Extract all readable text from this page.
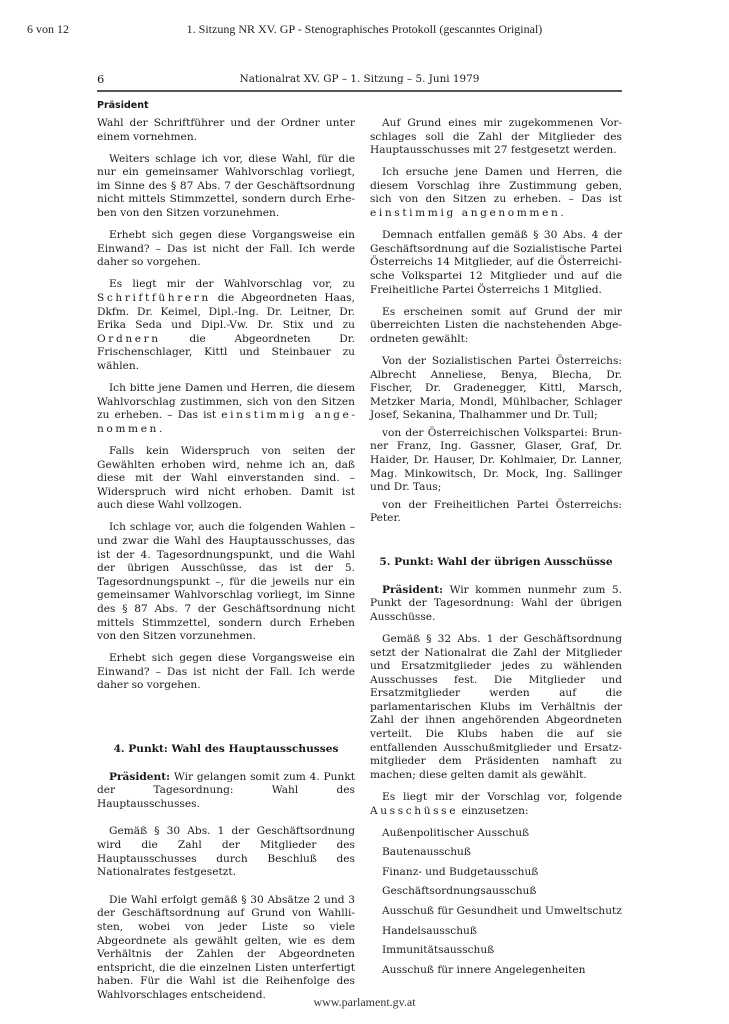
6 von 12	1. Sitzung NR XV. GP - Stenographisches Protokoll (gescanntes Original)
6	Nationalrat XV. GP – 1. Sitzung – 5. Juni 1979
Präsident

Wahl der Schriftführer und der Ordner unter einem vornehmen.

Weiters schlage ich vor, diese Wahl, für die nur ein gemeinsamer Wahlvorschlag vorliegt, im Sinne des § 87 Abs. 7 der Geschäftsordnung nicht mittels Stimmzettel, sondern durch Erheben von den Sitzen vorzunehmen.

Erhebt sich gegen diese Vorgangsweise ein Einwand? – Das ist nicht der Fall. Ich werde daher so vorgehen.

Es liegt mir der Wahlvorschlag vor, zu Schriftführern die Abgeordneten Haas, Dkfm. Dr. Keimel, Dipl.-Ing. Dr. Leitner, Dr. Erika Seda und Dipl.-Vw. Dr. Stix und zu Ordnern die Abgeordneten Dr. Frischenschlager, Kittl und Steinbauer zu wählen.

Ich bitte jene Damen und Herren, die diesem Wahlvorschlag zustimmen, sich von den Sitzen zu erheben. – Das ist einstimmig angenommen.

Falls kein Widerspruch von seiten der Gewählten erhoben wird, nehme ich an, daß diese mit der Wahl einverstanden sind. – Widerspruch wird nicht erhoben. Damit ist auch diese Wahl vollzogen.

Ich schlage vor, auch die folgenden Wahlen – und zwar die Wahl des Hauptausschusses, das ist der 4. Tagesordnungspunkt, und die Wahl der übrigen Ausschüsse, das ist der 5. Tagesordnungspunkt –, für die jeweils nur ein gemeinsamer Wahlvorschlag vorliegt, im Sinne des § 87 Abs. 7 der Geschäftsordnung nicht mittels Stimmzettel, sondern durch Erheben von den Sitzen vorzunehmen.

Erhebt sich gegen diese Vorgangsweise ein Einwand? – Das ist nicht der Fall. Ich werde daher so vorgehen.

4. Punkt: Wahl des Hauptausschusses

Präsident: Wir gelangen somit zum 4. Punkt der Tagesordnung: Wahl des Hauptausschusses.

Gemäß § 30 Abs. 1 der Geschäftsordnung wird die Zahl der Mitglieder des Hauptausschusses durch Beschluß des Nationalrates festgesetzt.

Die Wahl erfolgt gemäß § 30 Absätze 2 und 3 der Geschäftsordnung auf Grund von Wahllisten, wobei von jeder Liste so viele Abgeordnete als gewählt gelten, wie es dem Verhältnis der Zahlen der Abgeordneten entspricht, die die einzelnen Listen unterfertigt haben. Für die Wahl ist die Reihenfolge des Wahlvorschlages entscheidend.

Auf Grund eines mir zugekommenen Vorschlages soll die Zahl der Mitglieder des Hauptausschusses mit 27 festgesetzt werden.

Ich ersuche jene Damen und Herren, die diesem Vorschlag ihre Zustimmung geben, sich von den Sitzen zu erheben. – Das ist einstimmig angenommen.

Demnach entfallen gemäß § 30 Abs. 4 der Geschäftsordnung auf die Sozialistische Partei Österreichs 14 Mitglieder, auf die Österreichische Volkspartei 12 Mitglieder und auf die Freiheitliche Partei Österreichs 1 Mitglied.

Es erscheinen somit auf Grund der mir überreichten Listen die nachstehenden Abgeordneten gewählt:

Von der Sozialistischen Partei Österreichs: Albrecht Anneliese, Benya, Blecha, Dr. Fischer, Dr. Gradenegger, Kittl, Marsch, Metzker Maria, Mondl, Mühlbacher, Schlager Josef, Sekanina, Thalhammer und Dr. Tull;

von der Österreichischen Volkspartei: Brunner Franz, Ing. Gassner, Glaser, Graf, Dr. Haider, Dr. Hauser, Dr. Kohlmaier, Dr. Lanner, Mag. Minkowitsch, Dr. Mock, Ing. Sallinger und Dr. Taus;

von der Freiheitlichen Partei Österreichs: Peter.

5. Punkt: Wahl der übrigen Ausschüsse

Präsident: Wir kommen nunmehr zum 5. Punkt der Tagesordnung: Wahl der übrigen Ausschüsse.

Gemäß § 32 Abs. 1 der Geschäftsordnung setzt der Nationalrat die Zahl der Mitglieder und Ersatzmitglieder jedes zu wählenden Ausschusses fest. Die Mitglieder und Ersatzmitglieder werden auf die parlamentarischen Klubs im Verhältnis der Zahl der ihnen angehörenden Abgeordneten verteilt. Die Klubs haben die auf sie entfallenden Ausschußmitglieder und Ersatzmitglieder dem Präsidenten namhaft zu machen; diese gelten damit als gewählt.

Es liegt mir der Vorschlag vor, folgende Ausschüsse einzusetzen:

Außenpolitischer Ausschuß

Bautenausschuß

Finanz- und Budgetausschuß

Geschäftsordnungsausschuß

Ausschuß für Gesundheit und Umweltschutz

Handelsausschuß

Immunitätsausschuß

Ausschuß für innere Angelegenheiten

www.parlament.gv.at
